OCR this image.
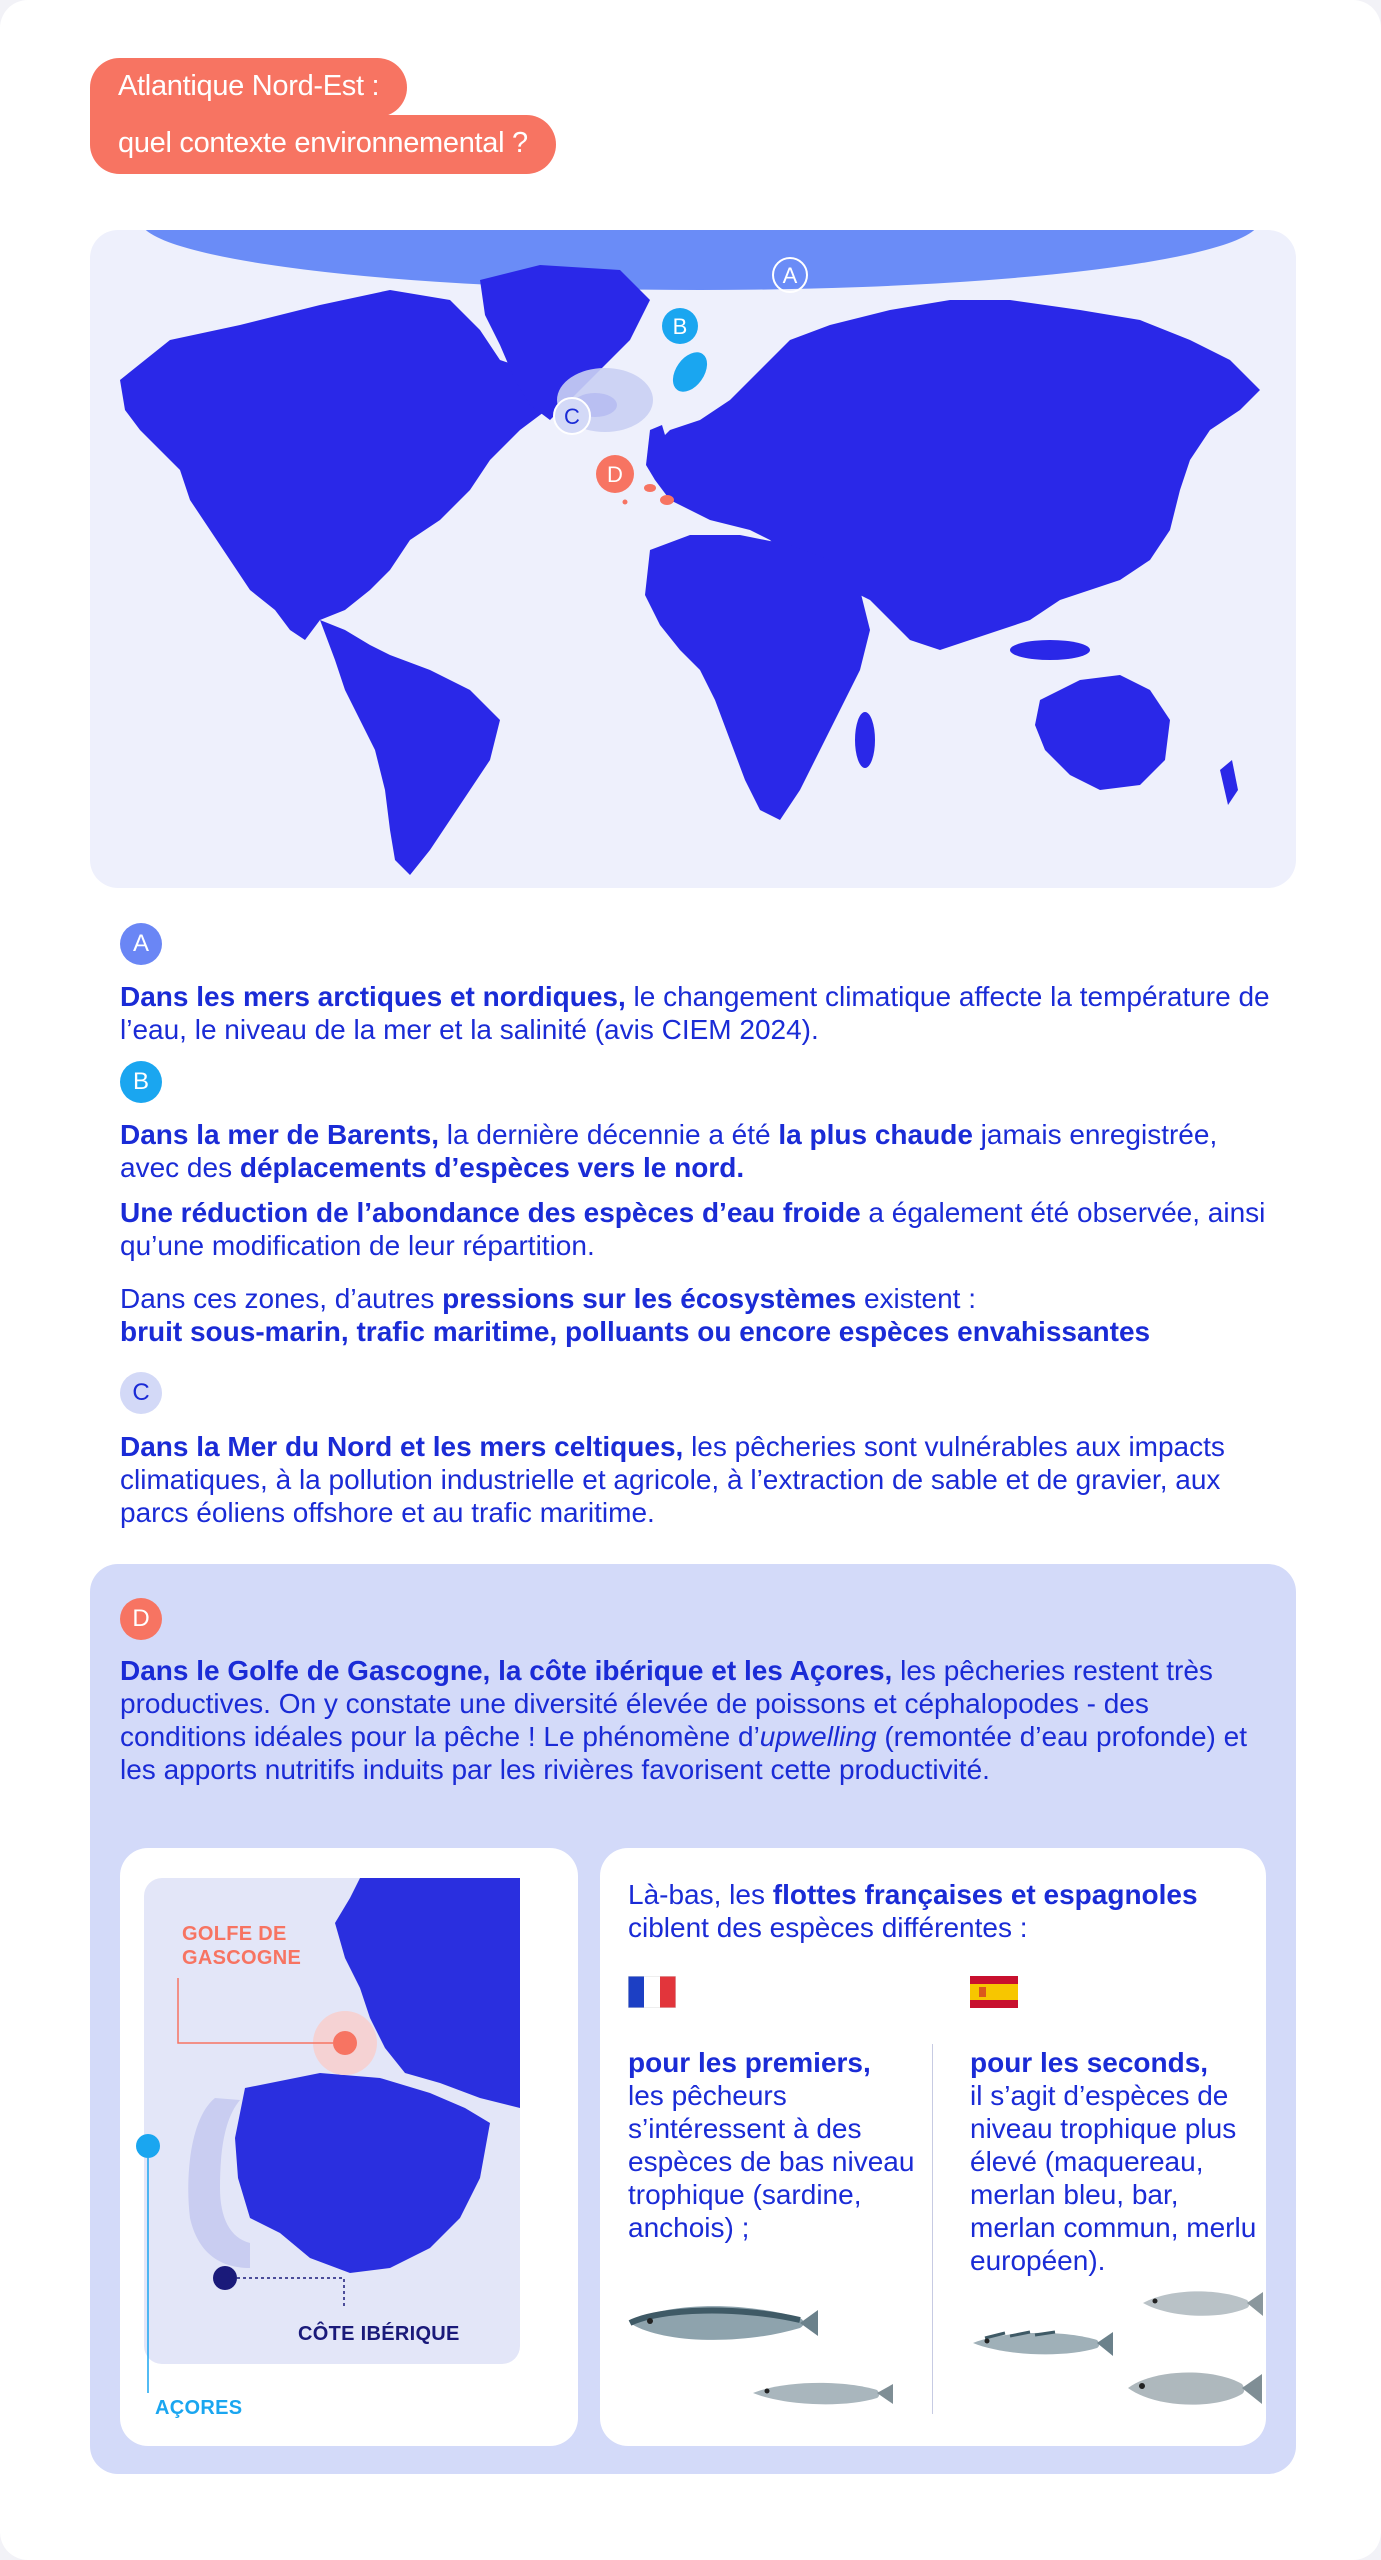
Atlantique Nord-Est :
quel contexte environnemental ?
A
B
C
D
A
Dans les mers arctiques et nordiques, le changement climatique affecte la température de l’eau, le niveau de la mer et la salinité (avis CIEM 2024).
B
Dans la mer de Barents, la dernière décennie a été la plus chaude jamais enregistrée, avec des déplacements d’espèces vers le nord.
Une réduction de l’abondance des espèces d’eau froide a également été observée, ainsi qu’une modification de leur répartition.
Dans ces zones, d’autres pressions sur les écosystèmes existent :
bruit sous-marin, trafic maritime, polluants ou encore espèces envahissantes
C
Dans la Mer du Nord et les mers celtiques, les pêcheries sont vulnérables aux impacts climatiques, à la pollution industrielle et agricole, à l’extraction de sable et de gravier, aux parcs éoliens offshore et au trafic maritime.
D
Dans le Golfe de Gascogne, la côte ibérique et les Açores, les pêcheries restent très productives. On y constate une diversité élevée de poissons et céphalopodes - des conditions idéales pour la pêche ! Le phénomène d’upwelling (remontée d’eau profonde) et les apports nutritifs induits par les rivières favorisent cette productivité.
GOLFE DE
GASCOGNE
CÔTE IBÉRIQUE
AÇORES
Là-bas, les flottes françaises et espagnoles ciblent des espèces différentes :
pour les premiers,
les pêcheurs s’intéressent à des espèces de bas niveau trophique (sardine, anchois) ;
pour les seconds,
il s’agit d’espèces de niveau trophique plus élevé (maquereau, merlan bleu, bar, merlan commun, merlu européen).
